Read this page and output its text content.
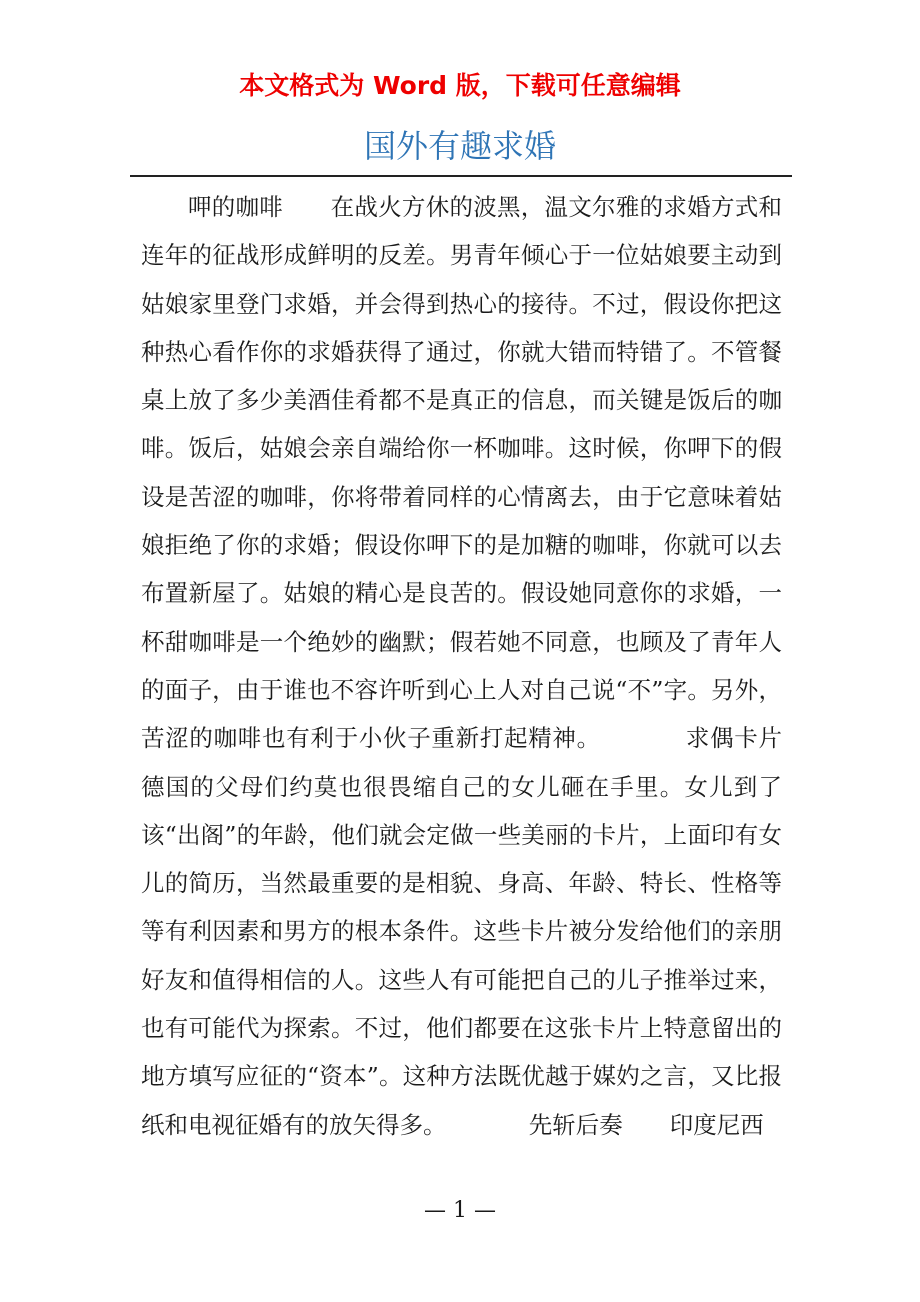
本文格式为 Word 版，下载可任意编辑
国外有趣求婚

呷的咖啡　　在战火方休的波黑，温文尔雅的求婚方式和连年的征战形成鲜明的反差。男青年倾心于一位姑娘要主动到姑娘家里登门求婚，并会得到热心的接待。不过，假设你把这种热心看作你的求婚获得了通过，你就大错而特错了。不管餐桌上放了多少美酒佳肴都不是真正的信息，而关键是饭后的咖啡。饭后，姑娘会亲自端给你一杯咖啡。这时候，你呷下的假设是苦涩的咖啡，你将带着同样的心情离去，由于它意味着姑娘拒绝了你的求婚；假设你呷下的是加糖的咖啡，你就可以去布置新屋了。姑娘的精心是良苦的。假设她同意你的求婚，一杯甜咖啡是一个绝妙的幽默；假若她不同意，也顾及了青年人的面子，由于谁也不容许听到心上人对自己说“不”字。另外，苦涩的咖啡也有利于小伙子重新打起精神。　　　　求偶卡片　　德国的父母们约莫也很畏缩自己的女儿砸在手里。女儿到了该“出阁”的年龄，他们就会定做一些美丽的卡片，上面印有女儿的简历，当然最重要的是相貌、身高、年龄、特长、性格等等有利因素和男方的根本条件。这些卡片被分发给他们的亲朋好友和值得相信的人。这些人有可能把自己的儿子推举过来，也有可能代为探索。不过，他们都要在这张卡片上特意留出的地方填写应征的“资本”。这种方法既优越于媒妁之言，又比报纸和电视征婚有的放矢得多。　　　　先斩后奏　　印度尼西

— 1 —
